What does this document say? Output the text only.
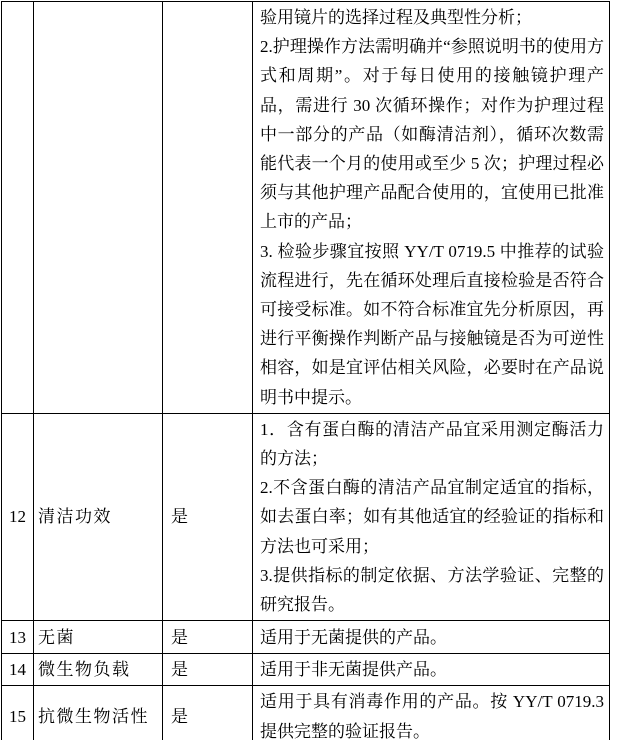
			验用镜片的选择过程及典型性分析；

2.护理操作方法需明确并“参照说明书的使用方式和周期”。对于每日使用的接触镜护理产品，需进行 30 次循环操作；对作为护理过程中一部分的产品（如酶清洁剂），循环次数需能代表一个月的使用或至少 5 次；护理过程必须与其他护理产品配合使用的，宜使用已批准上市的产品；

3. 检验步骤宜按照 YY/T 0719.5 中推荐的试验流程进行，先在循环处理后直接检验是否符合可接受标准。如不符合标准宜先分析原因，再进行平衡操作判断产品与接触镜是否为可逆性相容，如是宜评估相关风险，必要时在产品说明书中提示。

12	清洁功效	是	1．含有蛋白酶的清洁产品宜采用测定酶活力的方法；

2.不含蛋白酶的清洁产品宜制定适宜的指标，如去蛋白率；如有其他适宜的经验证的指标和方法也可采用；

3.提供指标的制定依据、方法学验证、完整的研究报告。

13	无菌	是	适用于无菌提供的产品。

14	微生物负载	是	适用于非无菌提供产品。

15	抗微生物活性	是	适用于具有消毒作用的产品。按 YY/T 0719.3 提供完整的验证报告。
